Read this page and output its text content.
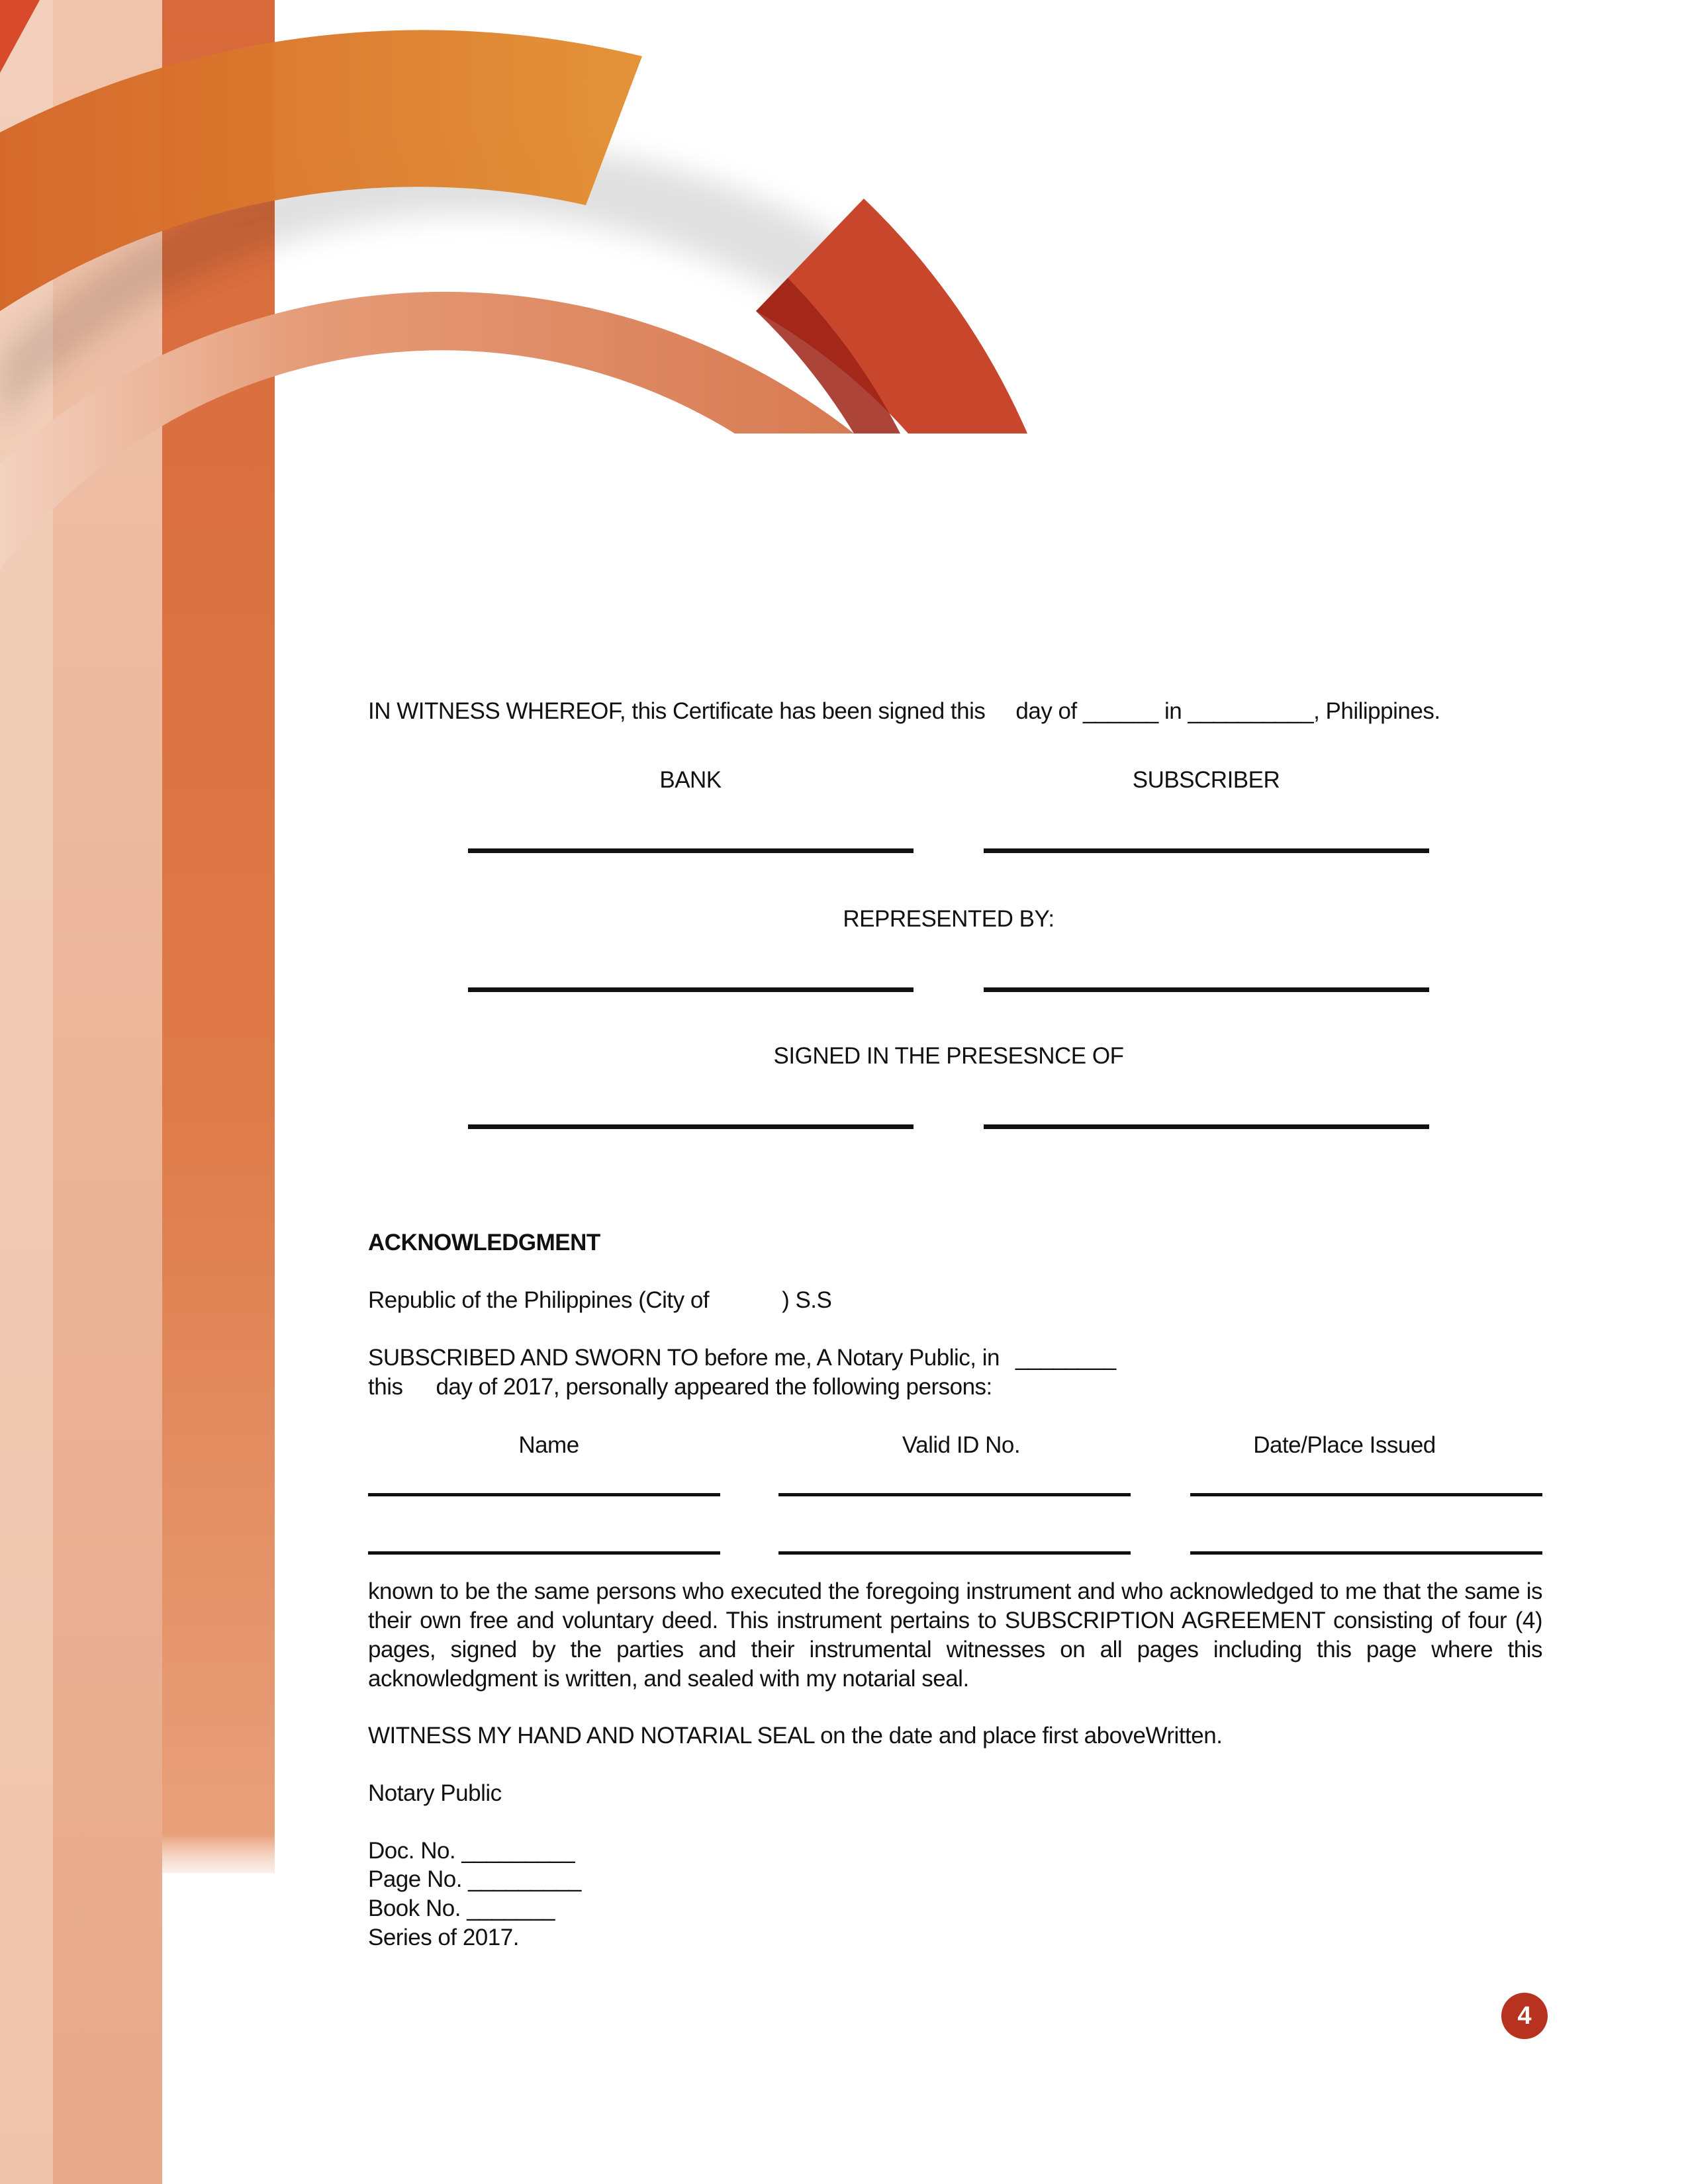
IN WITNESS WHEREOF, this Certificate has been signed this day of ______ in __________, Philippines.
BANK	SUBSCRIBER
REPRESENTED BY:
SIGNED IN THE PRESESNCE OF
ACKNOWLEDGMENT
Republic of the Philippines (City of	) S.S
SUBSCRIBED AND SWORN TO before me, A Notary Public, in ________
this day of 2017, personally appeared the following persons:
Name	Valid ID No.	Date/Place Issued
known to be the same persons who executed the foregoing instrument and who acknowledged to me that the same is their own free and voluntary deed. This instrument pertains to SUBSCRIPTION AGREEMENT consisting of four (4) pages, signed by the parties and their instrumental witnesses on all pages including this page where this acknowledgment is written, and sealed with my notarial seal.
WITNESS MY HAND AND NOTARIAL SEAL on the date and place first aboveWritten.
Notary Public
Doc. No. _________
Page No. _________
Book No. _______
Series of 2017.
4
